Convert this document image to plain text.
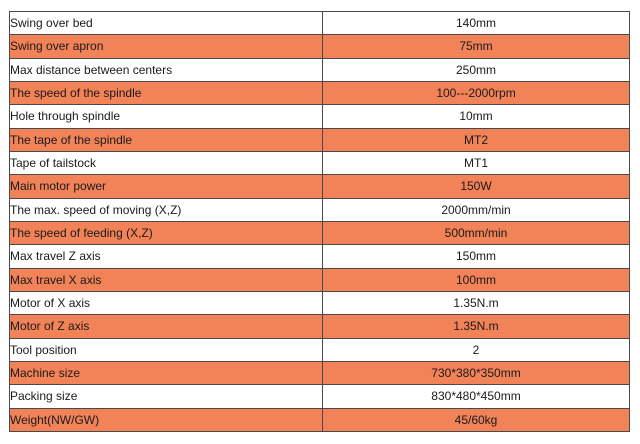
Swing over bed	140mm
Swing over apron	75mm
Max distance between centers	250mm
The speed of the spindle	100---2000rpm
Hole through spindle	10mm
The tape of the spindle	MT2
Tape of tailstock	MT1
Main motor power	150W
The max. speed of moving (X,Z)	2000mm/min
The speed of feeding (X,Z)	500mm/min
Max travel Z axis	150mm
Max travel X axis	100mm
Motor of X axis	1.35N.m
Motor of Z axis	1.35N.m
Tool position	2
Machine size	730*380*350mm
Packing size	830*480*450mm
Weight(NW/GW)	45/60kg
